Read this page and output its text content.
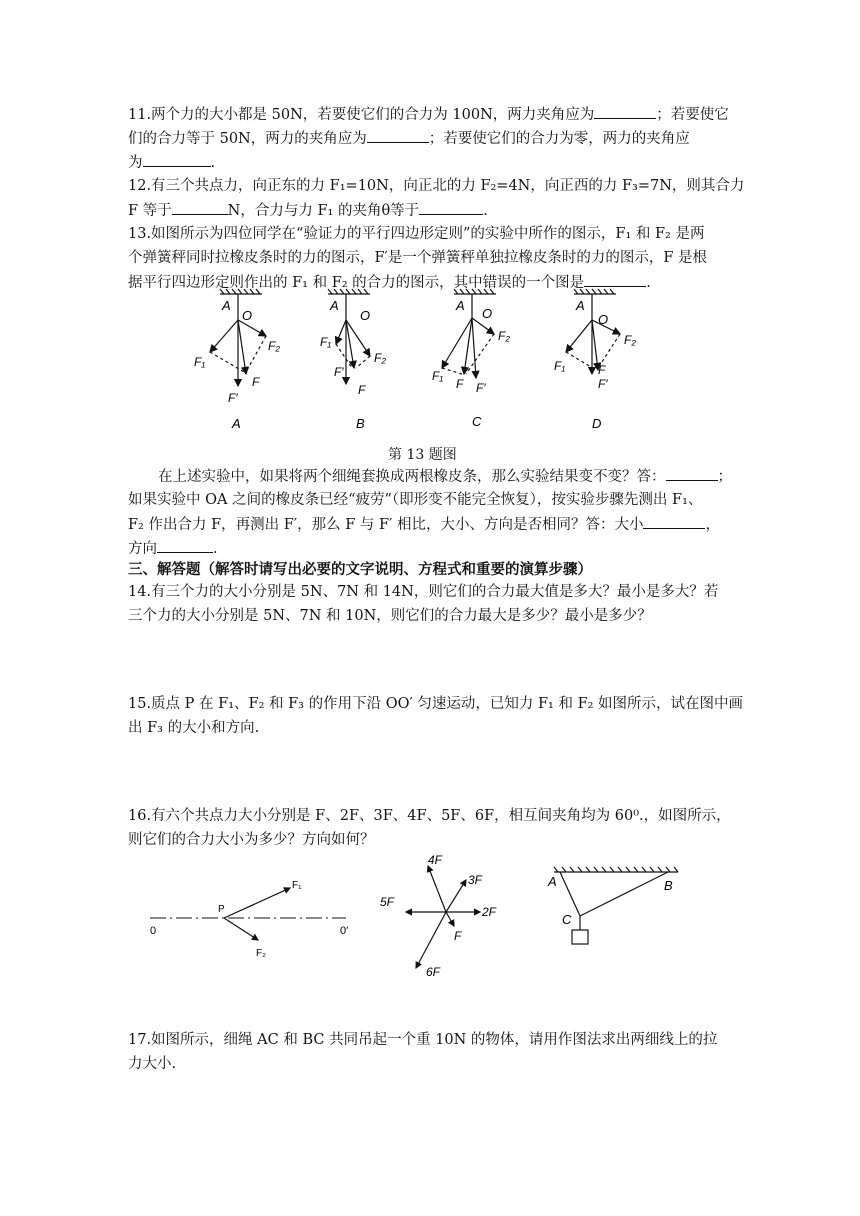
11.两个力的大小都是 50N，若要使它们的合力为 100N，两力夹角应为	；若要使它
们的合力等于 50N，两力的夹角应为	；若要使它们的合力为零，两力的夹角应
为	.
12.有三个共点力，向正东的力 F₁=10N，向正北的力 F₂=4N，向正西的力 F₃=7N，则其合力
F 等于	N，合力与力 F₁ 的夹角θ等于	.
13.如图所示为四位同学在“验证力的平行四边形定则”的实验中所作的图示，F₁ 和 F₂ 是两
个弹簧秤同时拉橡皮条时的力的图示，F′是一个弹簧秤单独拉橡皮条时的力的图示，F 是根
据平行四边形定则作出的 F₁ 和 F₂ 的合力的图示，其中错误的一个图是	.
A
O
F₁
F₂
F
F′
A
O
F₁
F₂
F′
F
A
O
F₁
F₂
F F′
A
O
F₁
F₂
F
F′
A	B	C	D
第 13 题图
在上述实验中，如果将两个细绳套换成两根橡皮条，那么实验结果变不变？答：	；
如果实验中 OA 之间的橡皮条已经“疲劳”（即形变不能完全恢复），按实验步骤先测出 F₁、
F₂ 作出合力 F，再测出 F′，那么 F 与 F′ 相比，大小、方向是否相同？答：大小	，
方向	.
三、解答题（解答时请写出必要的文字说明、方程式和重要的演算步骤）
14.有三个力的大小分别是 5N、7N 和 14N，则它们的合力最大值是多大？最小是多大？若
三个力的大小分别是 5N、7N 和 10N，则它们的合力最大是多少？最小是多少？
15.质点 P 在 F₁、F₂ 和 F₃ 的作用下沿 OO′ 匀速运动，已知力 F₁ 和 F₂ 如图所示，试在图中画
出 F₃ 的大小和方向.
16.有六个共点力大小分别是 F、2F、3F、4F、5F、6F，相互间夹角均为 60⁰.，如图所示，
则它们的合力大小为多少？方向如何？
P
F₁
F₂
0	0′
4F
3F
2F
5F
F
6F
A	B
C
17.如图所示，细绳 AC 和 BC 共同吊起一个重 10N 的物体，请用作图法求出两细线上的拉
力大小.
